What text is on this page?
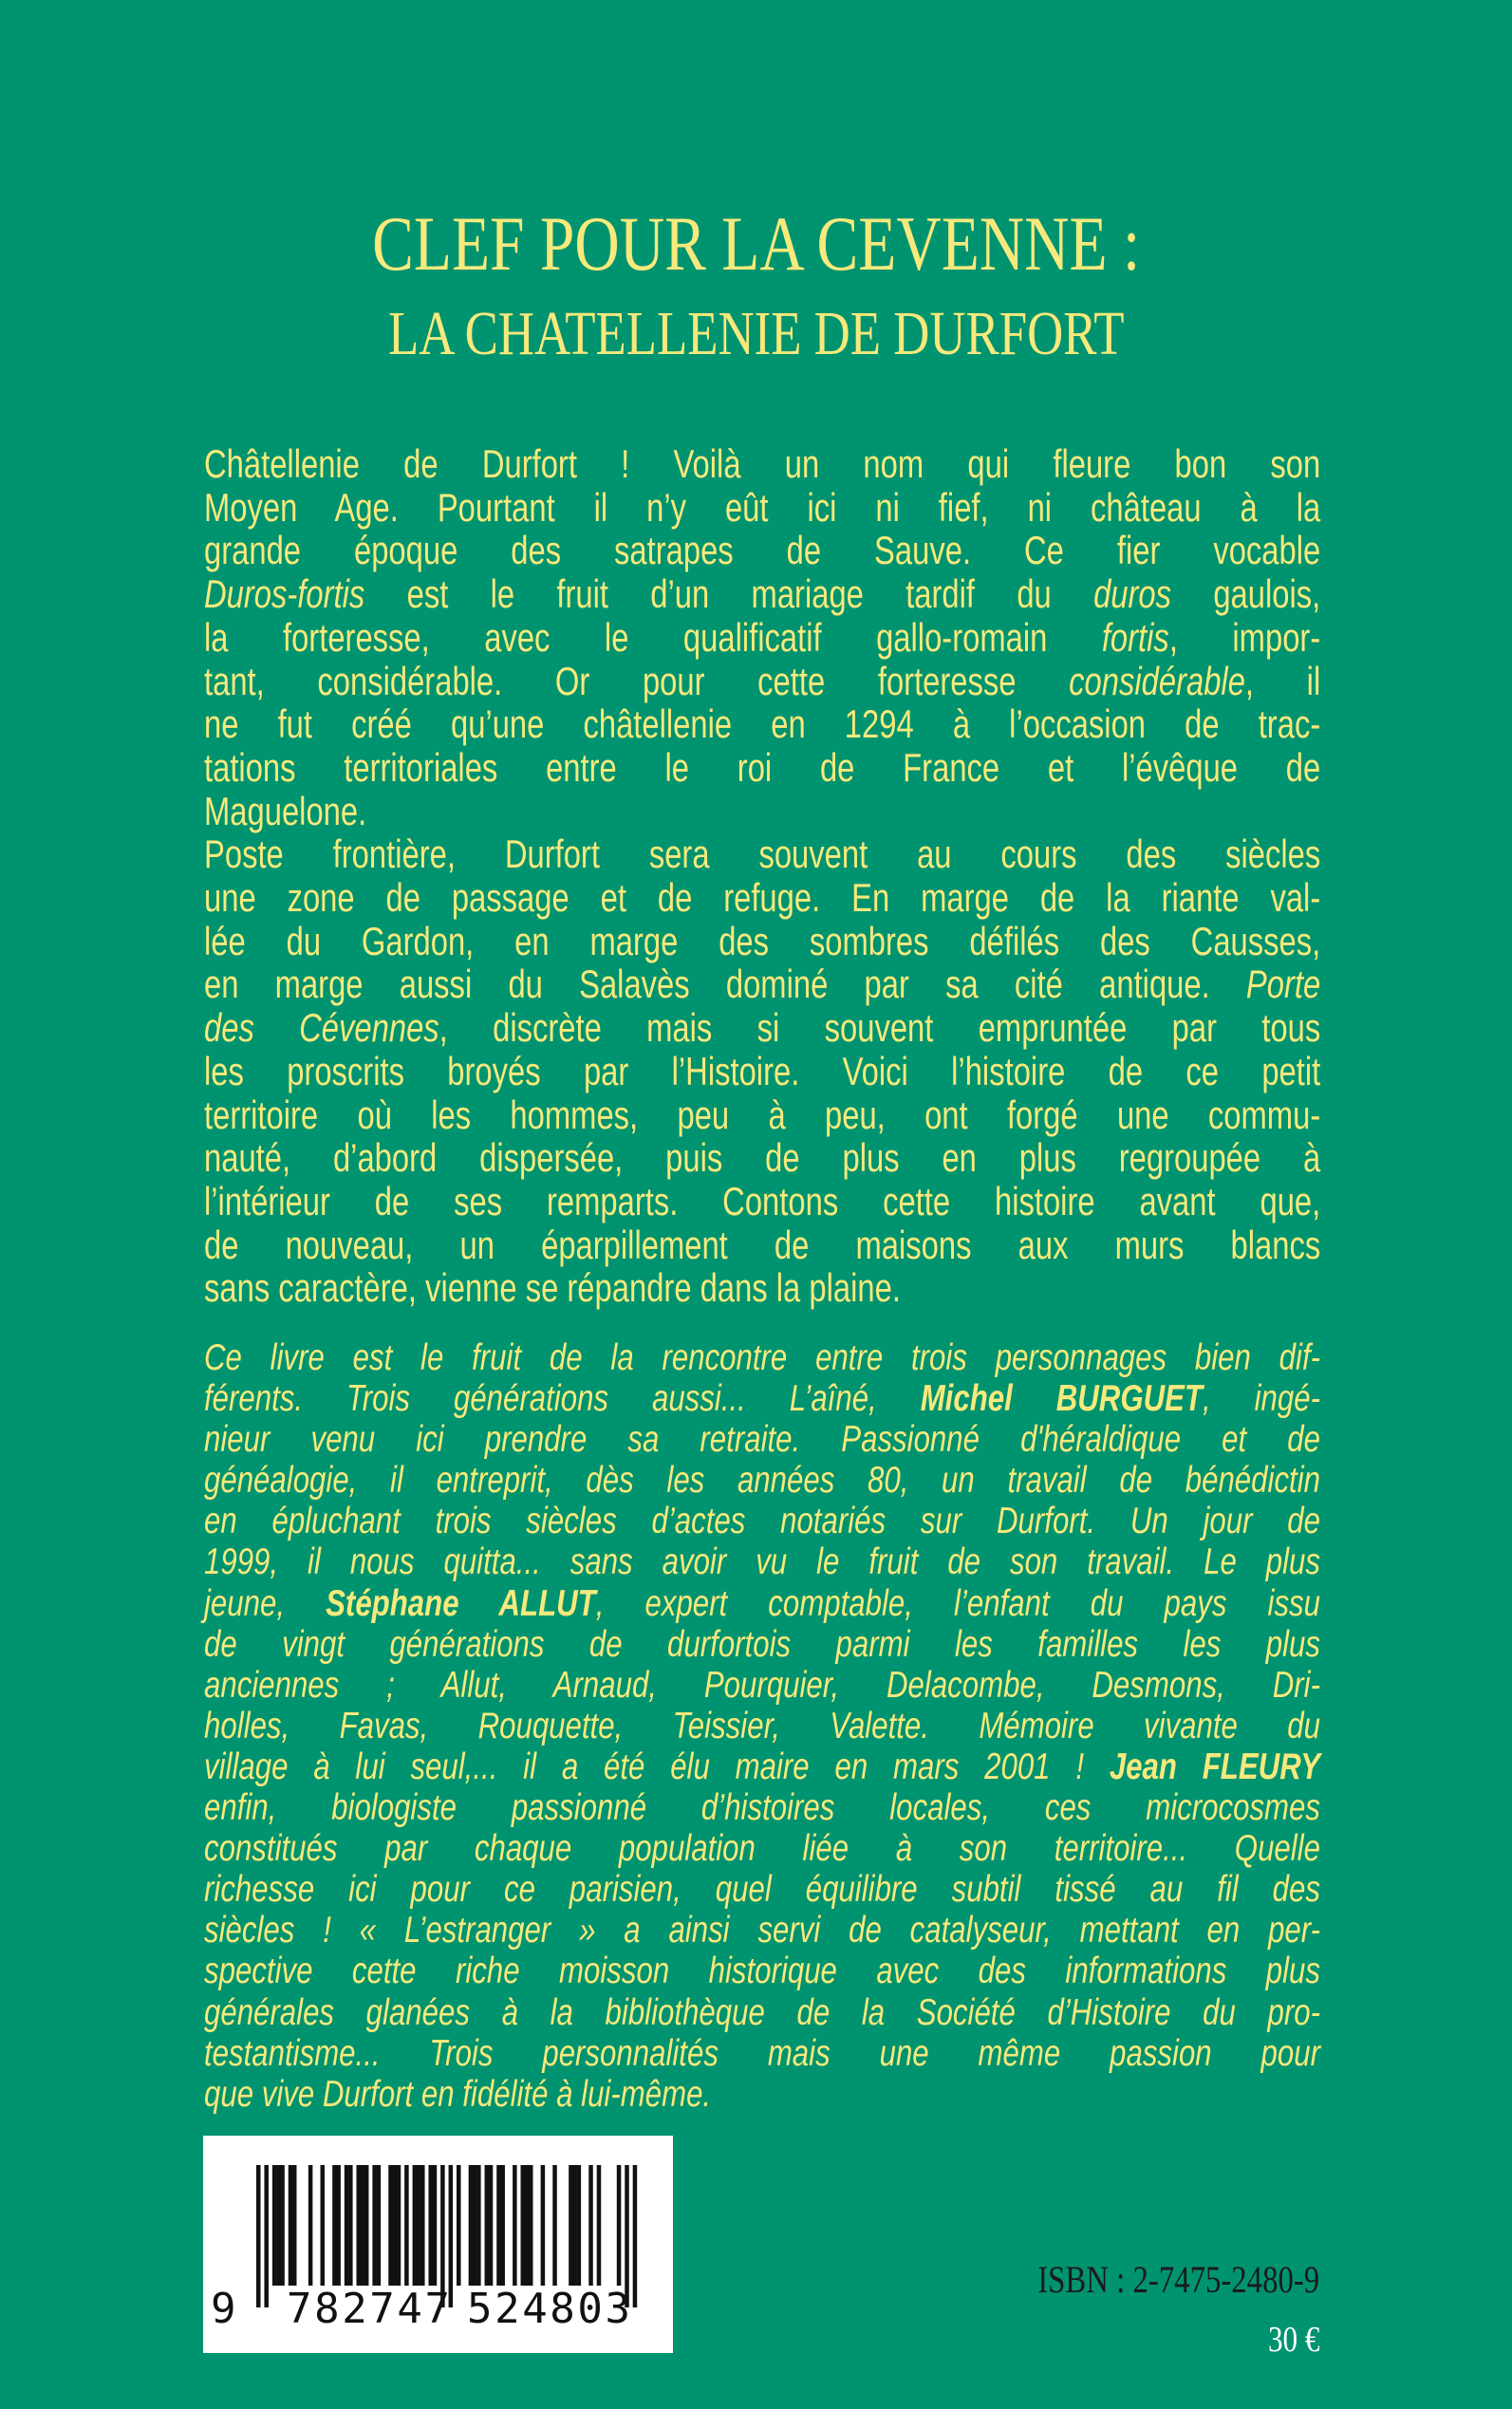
CLEF POUR LA CEVENNE :
LA CHATELLENIE DE DURFORT
Châtellenie de Durfort ! Voilà un nom qui fleure bon son
Moyen Age. Pourtant il n’y eût ici ni fief, ni château à la
grande époque des satrapes de Sauve. Ce fier vocable
Duros-fortis est le fruit d’un mariage tardif du duros gaulois,
la forteresse, avec le qualificatif gallo-romain fortis, impor-
tant, considérable. Or pour cette forteresse considérable, il
ne fut créé qu’une châtellenie en 1294 à l’occasion de trac-
tations territoriales entre le roi de France et l’évêque de
Maguelone.
Poste frontière, Durfort sera souvent au cours des siècles
une zone de passage et de refuge. En marge de la riante val-
lée du Gardon, en marge des sombres défilés des Causses,
en marge aussi du Salavès dominé par sa cité antique. Porte
des Cévennes, discrète mais si souvent empruntée par tous
les proscrits broyés par l’Histoire. Voici l’histoire de ce petit
territoire où les hommes, peu à peu, ont forgé une commu-
nauté, d’abord dispersée, puis de plus en plus regroupée à
l’intérieur de ses remparts. Contons cette histoire avant que,
de nouveau, un éparpillement de maisons aux murs blancs
sans caractère, vienne se répandre dans la plaine.
Ce livre est le fruit de la rencontre entre trois personnages bien dif-
férents. Trois générations aussi... L’aîné, Michel BURGUET, ingé-
nieur venu ici prendre sa retraite. Passionné d'héraldique et de
généalogie, il entreprit, dès les années 80, un travail de bénédictin
en épluchant trois siècles d’actes notariés sur Durfort. Un jour de
1999, il nous quitta... sans avoir vu le fruit de son travail. Le plus
jeune, Stéphane ALLUT, expert comptable, l’enfant du pays issu
de vingt générations de durfortois parmi les familles les plus
anciennes ; Allut, Arnaud, Pourquier, Delacombe, Desmons, Dri-
holles, Favas, Rouquette, Teissier, Valette. Mémoire vivante du
village à lui seul,... il a été élu maire en mars 2001 ! Jean FLEURY
enfin, biologiste passionné d’histoires locales, ces microcosmes
constitués par chaque population liée à son territoire... Quelle
richesse ici pour ce parisien, quel équilibre subtil tissé au fil des
siècles ! « L’estranger » a ainsi servi de catalyseur, mettant en per-
spective cette riche moisson historique avec des informations plus
générales glanées à la bibliothèque de la Société d’Histoire du pro-
testantisme... Trois personnalités mais une même passion pour
que vive Durfort en fidélité à lui-même.
9 782747 524803
ISBN : 2-7475-2480-9
30 €
